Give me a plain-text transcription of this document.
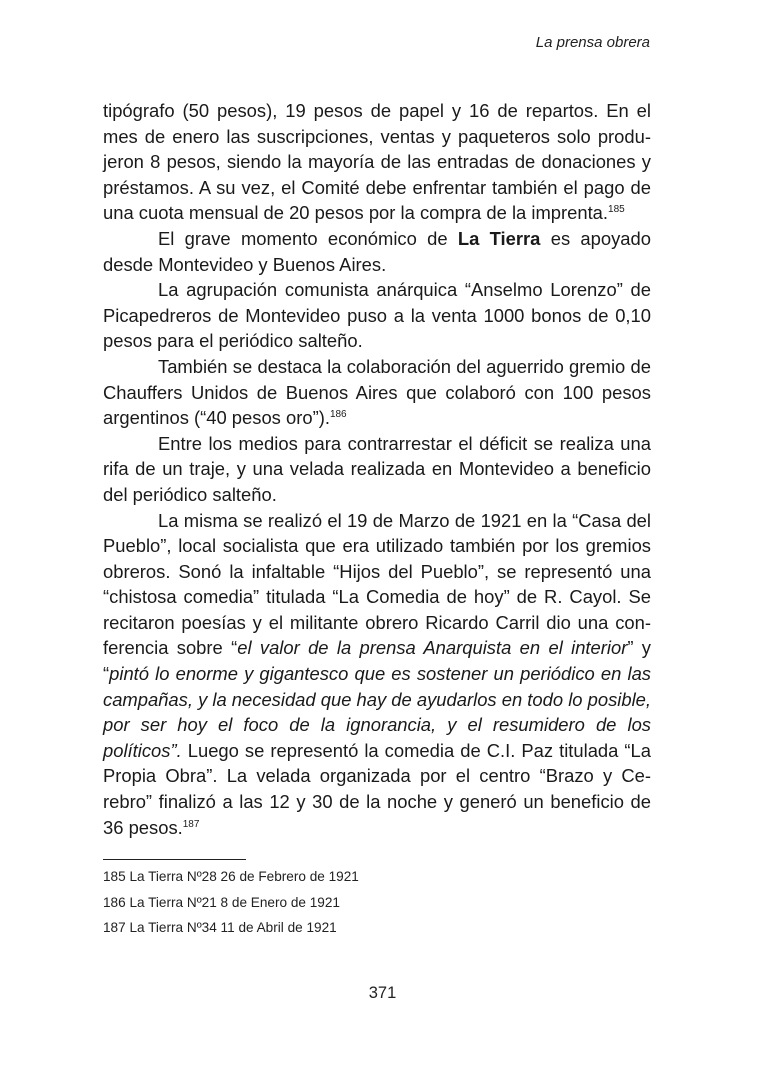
La prensa obrera

tipógrafo (50 pesos), 19 pesos de papel y 16 de repartos. En el mes de enero las suscripciones, ventas y paqueteros solo produjeron 8 pesos, siendo la mayoría de las entradas de donaciones y préstamos. A su vez, el Comité debe enfrentar también el pago de una cuota mensual de 20 pesos por la compra de la imprenta.$^{185}$

El grave momento económico de La Tierra es apoyado desde Montevideo y Buenos Aires.

La agrupación comunista anárquica “Anselmo Lorenzo” de Picapedreros de Montevideo puso a la venta 1000 bonos de 0,10 pesos para el periódico salteño.

También se destaca la colaboración del aguerrido gremio de Chauffers Unidos de Buenos Aires que colaboró con 100 pesos argentinos (“40 pesos oro”).$^{186}$

Entre los medios para contrarrestar el déficit se realiza una rifa de un traje, y una velada realizada en Montevideo a beneficio del periódico salteño.

La misma se realizó el 19 de Marzo de 1921 en la “Casa del Pueblo”, local socialista que era utilizado también por los gremios obreros. Sonó la infaltable “Hijos del Pueblo”, se representó una “chistosa comedia” titulada “La Comedia de hoy” de R. Cayol. Se recitaron poesías y el militante obrero Ricardo Carril dio una conferencia sobre “el valor de la prensa Anarquista en el interior” y “pintó lo enorme y gigantesco que es sostener un periódico en las campañas, y la necesidad que hay de ayudarlos en todo lo posible, por ser hoy el foco de la ignorancia, y el resumidero de los políticos”. Luego se representó la comedia de C.I. Paz titulada “La Propia Obra”. La velada organizada por el centro “Brazo y Cerebro” finalizó a las 12 y 30 de la noche y generó un beneficio de 36 pesos.$^{187}$

185 La Tierra Nº28 26 de Febrero de 1921
186 La Tierra Nº21 8 de Enero de 1921
187 La Tierra Nº34 11 de Abril de 1921
371
